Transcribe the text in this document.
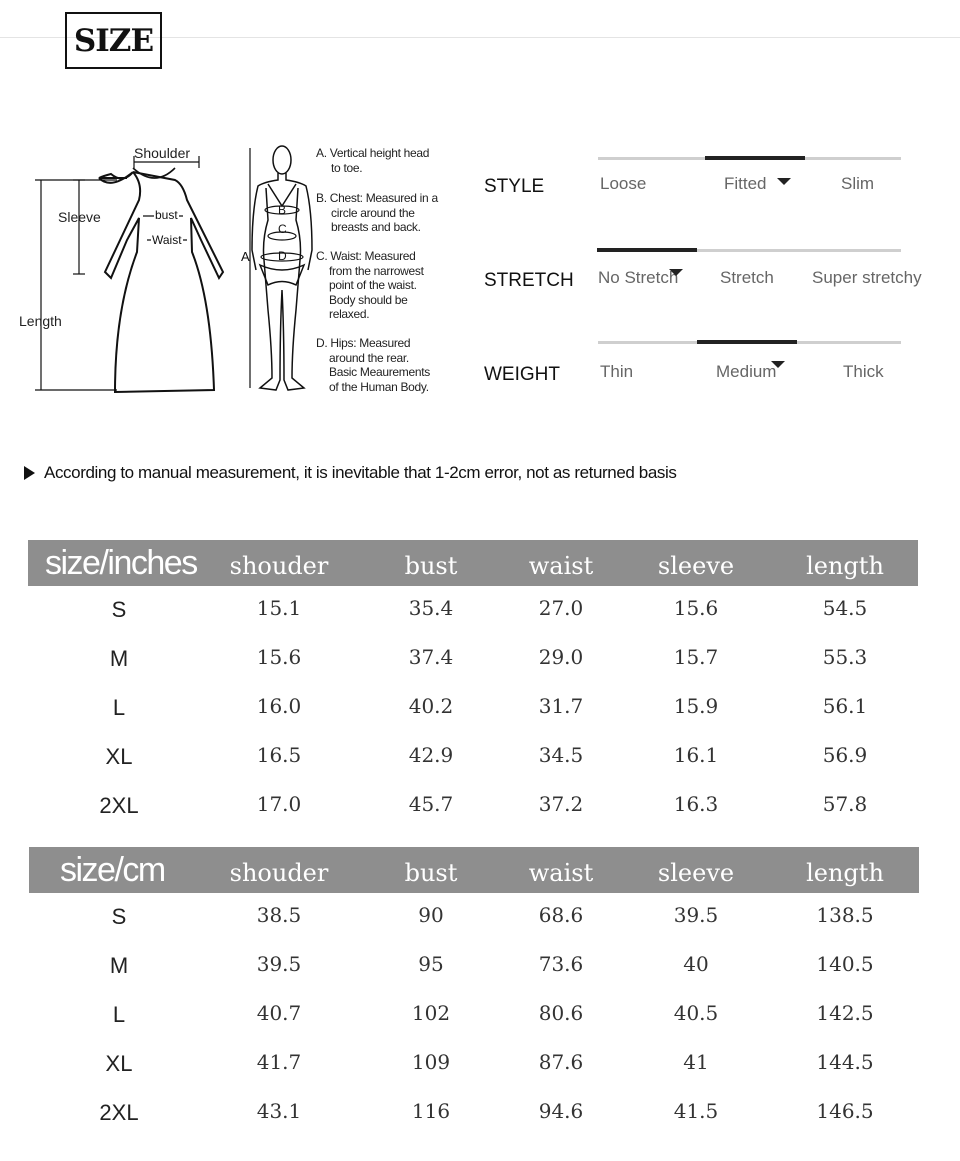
SIZE
Shoulder
Sleeve
Length
bust
Waist
A
B
C
D
A. Vertical height head
to toe.
B. Chest: Measured in a
circle around the
breasts and back.
C. Waist: Measured
from the narrowest
point of the waist.
Body should be
relaxed.
D. Hips: Measured
around the rear.
Basic Meaurements
of the Human Body.
STYLE	Loose	Fitted	Slim
STRETCH No Stretch Stretch Super stretchy
WEIGHT Thin	Medium	Thick
According to manual measurement, it is inevitable that 1-2cm error, not as returned basis
size/inches shouder	bust	waist	sleeve	length
S	15.1	35.4	27.0	15.6	54.5
M	15.6	37.4	29.0	15.7	55.3
L	16.0	40.2	31.7	15.9	56.1
XL	16.5	42.9	34.5	16.1	56.9
2XL	17.0	45.7	37.2	16.3	57.8
size/cm	shouder	bust	waist	sleeve	length
S	38.5	90	68.6	39.5	138.5
M	39.5	95	73.6	40	140.5
L	40.7	102	80.6	40.5	142.5
XL	41.7	109	87.6	41	144.5
2XL	43.1	116	94.6	41.5	146.5
